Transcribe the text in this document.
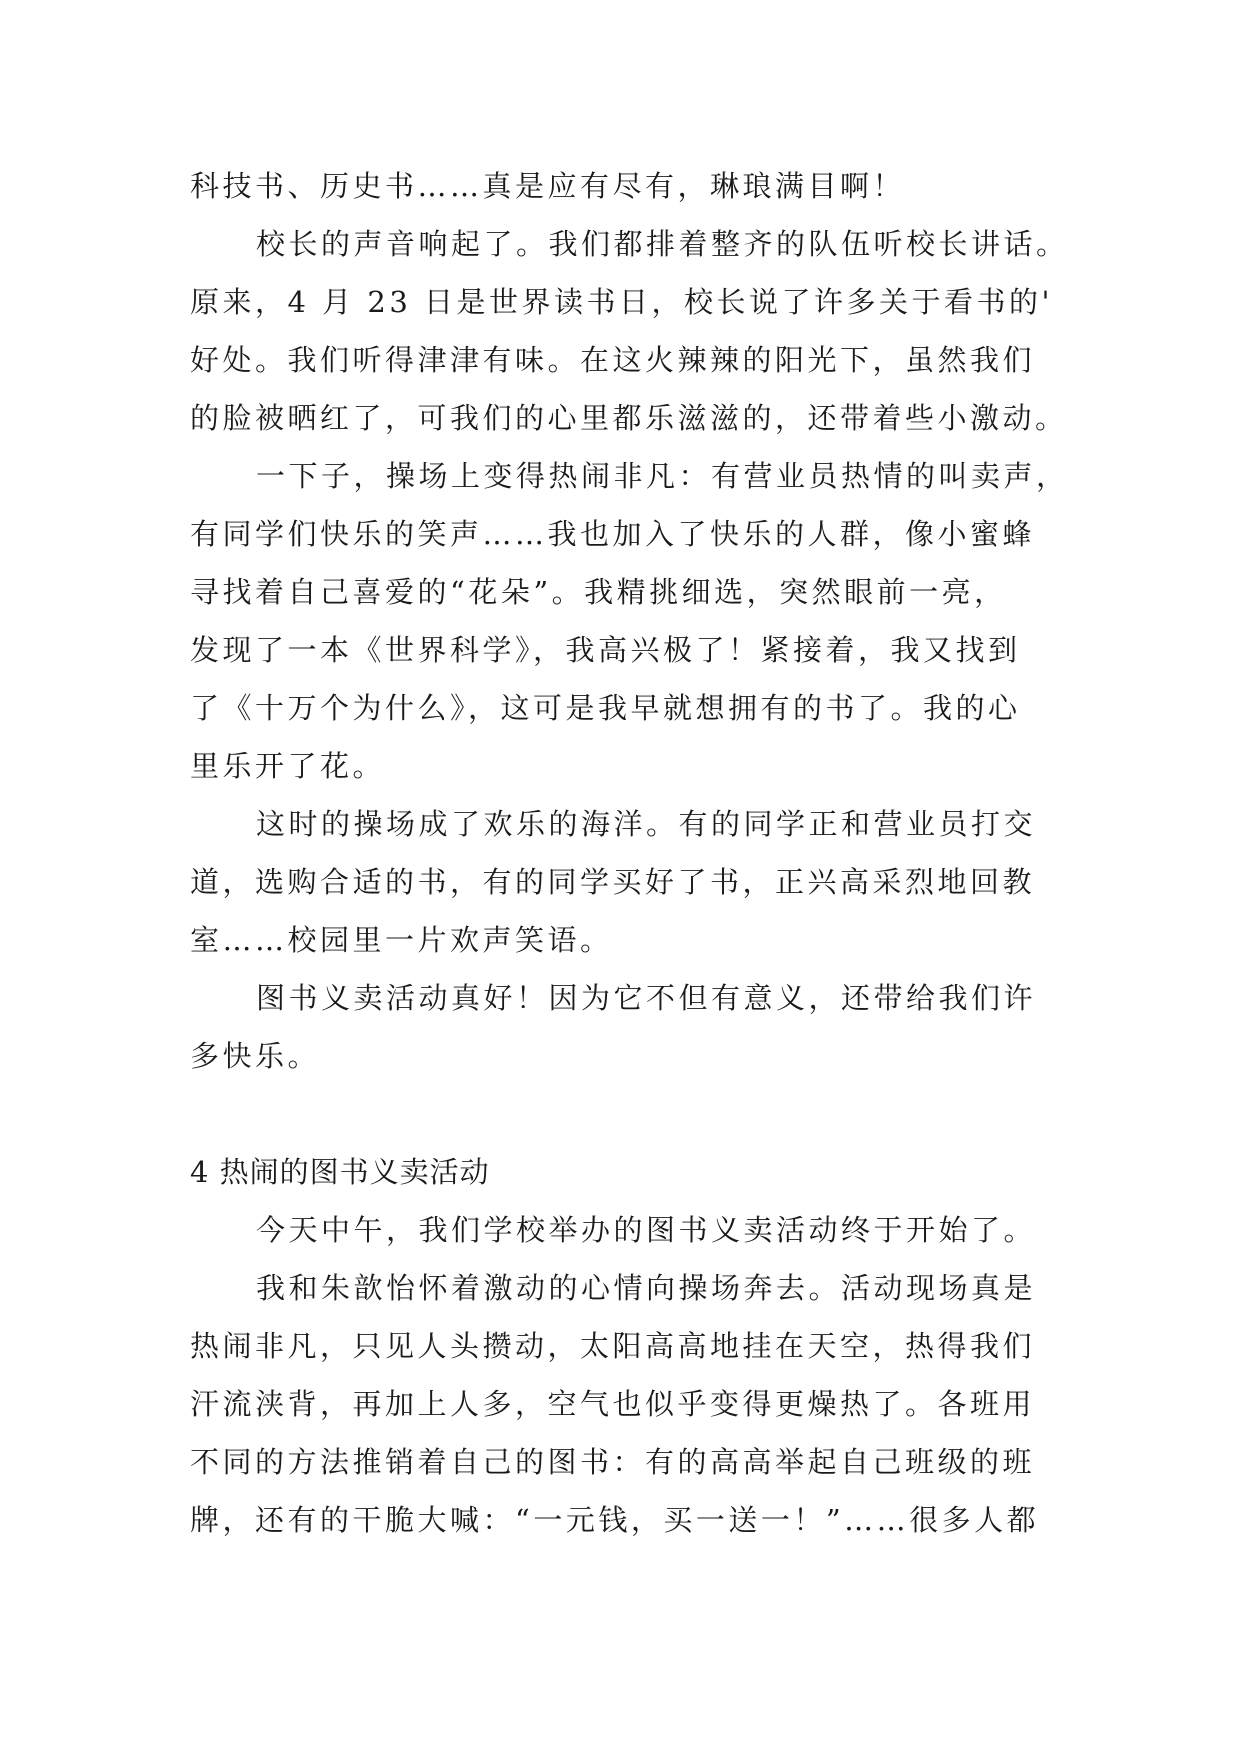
科技书、历史书……真是应有尽有，琳琅满目啊！
校长的声音响起了。我们都排着整齐的队伍听校长讲话。
原来，4 月 23 日是世界读书日，校长说了许多关于看书的'
好处。我们听得津津有味。在这火辣辣的阳光下，虽然我们
的脸被晒红了，可我们的心里都乐滋滋的，还带着些小激动。
一下子，操场上变得热闹非凡：有营业员热情的叫卖声，
有同学们快乐的笑声……我也加入了快乐的人群，像小蜜蜂
寻找着自己喜爱的“花朵”。我精挑细选，突然眼前一亮，
发现了一本《世界科学》，我高兴极了！紧接着，我又找到
了《十万个为什么》，这可是我早就想拥有的书了。我的心
里乐开了花。
这时的操场成了欢乐的海洋。有的同学正和营业员打交
道，选购合适的书，有的同学买好了书，正兴高采烈地回教
室……校园里一片欢声笑语。
图书义卖活动真好！因为它不但有意义，还带给我们许
多快乐。
4 热闹的图书义卖活动
今天中午，我们学校举办的图书义卖活动终于开始了。
我和朱歆怡怀着激动的心情向操场奔去。活动现场真是
热闹非凡，只见人头攒动，太阳高高地挂在天空，热得我们
汗流浃背，再加上人多，空气也似乎变得更燥热了。各班用
不同的方法推销着自己的图书：有的高高举起自己班级的班
牌，还有的干脆大喊：“一元钱，买一送一！”……很多人都
